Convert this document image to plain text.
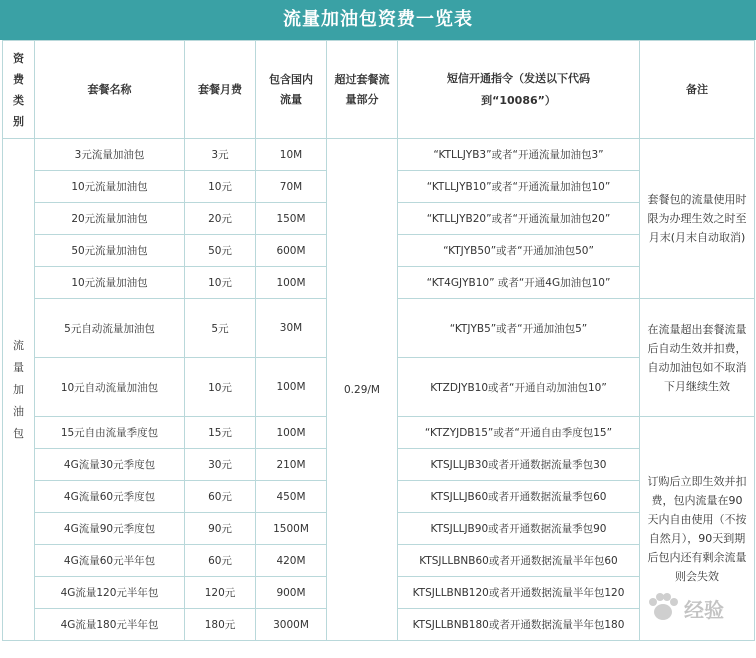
流量加油包资费一览表
资费类别	套餐名称	套餐月费	包含国内流量	超过套餐流量部分	短信开通指令（发送以下代码到“10086”）	备注
流量加油包	3元流量加油包	3元	10M	0.29/M	“KTLLJYB3”或者“开通流量加油包3”	套餐包的流量使用时限为办理生效之时至月末(月末自动取消)
	10元流量加油包	10元	70M		“KTLLJYB10”或者“开通流量加油包10”	
	20元流量加油包	20元	150M		“KTLLJYB20”或者“开通流量加油包20”	
	50元流量加油包	50元	600M		“KTJYB50”或者“开通加油包50”	
	10元流量加油包	10元	100M		“KT4GJYB10” 或者“开通4G加油包10”	
	5元自动流量加油包	5元	30M		“KTJYB5”或者“开通加油包5”	在流量超出套餐流量后自动生效并扣费，自动加油包如不取消下月继续生效
	10元自动流量加油包	10元	100M		KTZDJYB10或者“开通自动加油包10”	
	15元自由流量季度包	15元	100M		“KTZYJDB15”或者“开通自由季度包15”	订购后立即生效并扣费，包内流量在90天内自由使用（不按自然月），90天到期后包内还有剩余流量则会失效
	4G流量30元季度包	30元	210M		KTSJLLJB30或者开通数据流量季包30	
	4G流量60元季度包	60元	450M		KTSJLLJB60或者开通数据流量季包60	
	4G流量90元季度包	90元	1500M		KTSJLLJB90或者开通数据流量季包90	
	4G流量60元半年包	60元	420M		KTSJLLBNB60或者开通数据流量半年包60	
	4G流量120元半年包	120元	900M		KTSJLLBNB120或者开通数据流量半年包120	
	4G流量180元半年包	180元	3000M		KTSJLLBNB180或者开通数据流量半年包180	
经验
